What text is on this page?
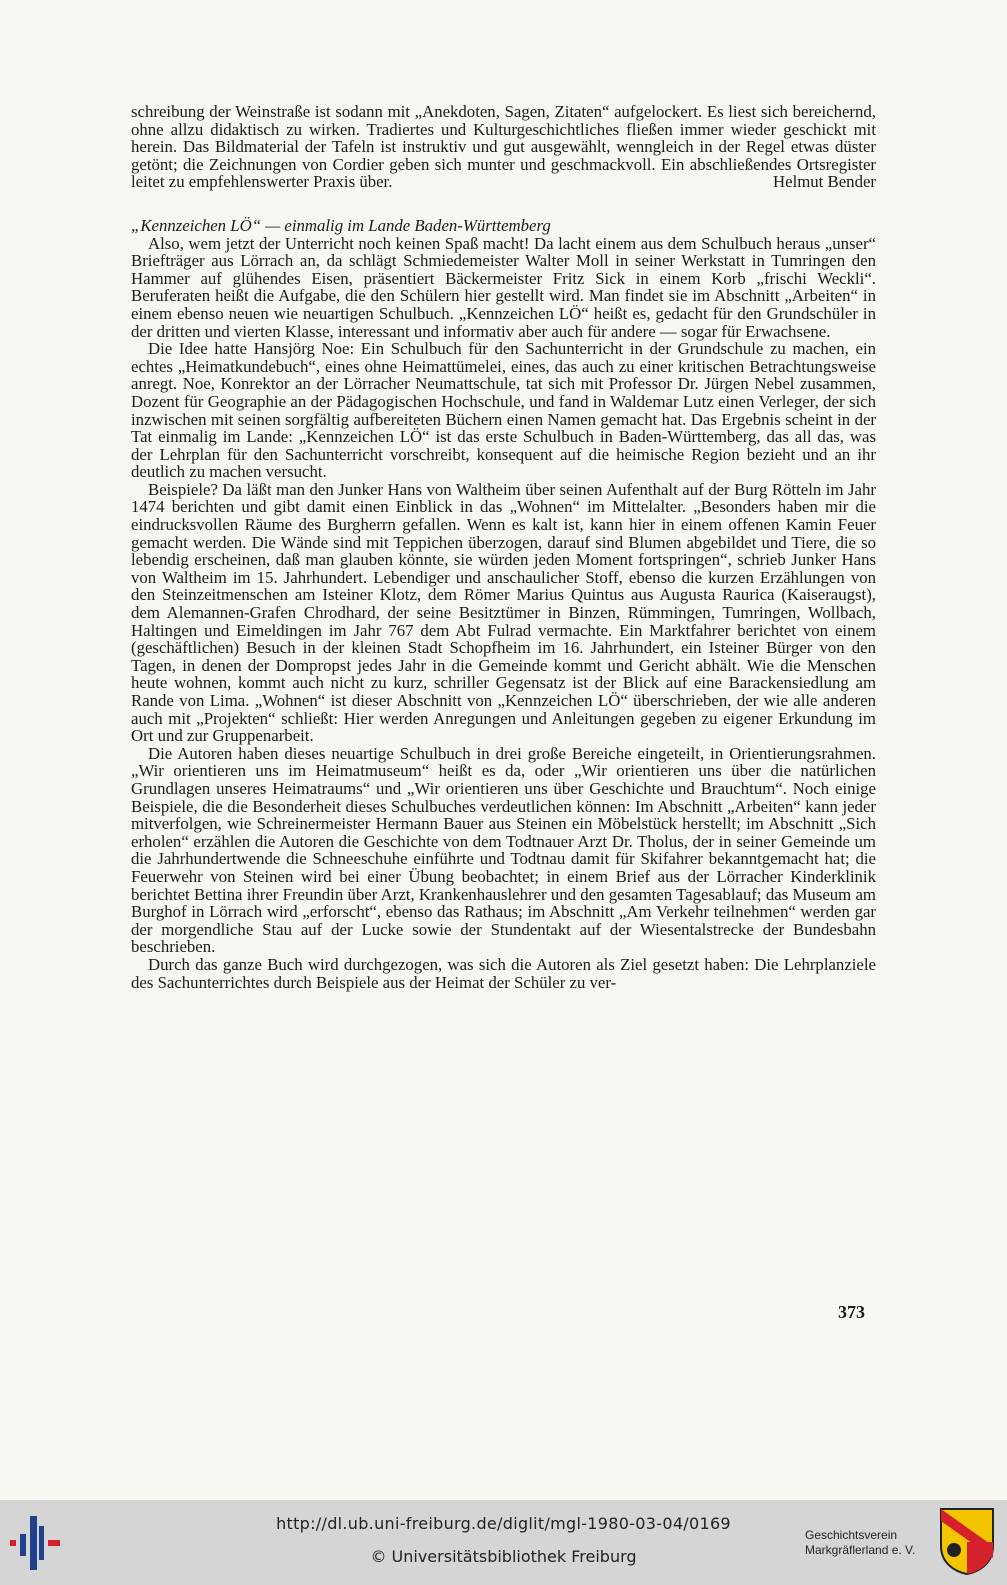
schreibung der Weinstraße ist sodann mit „Anekdoten, Sagen, Zitaten“ aufgelockert. Es liest sich bereichernd, ohne allzu didaktisch zu wirken. Tradiertes und Kulturgeschichtliches fließen immer wieder geschickt mit herein. Das Bildmaterial der Tafeln ist instruktiv und gut ausgewählt, wenngleich in der Regel etwas düster getönt; die Zeichnungen von Cordier geben sich munter und geschmackvoll. Ein abschließendes Ortsregister leitet zu empfehlenswerter Praxis über.	Helmut Bender

„Kennzeichen LÖ“ — einmalig im Lande Baden-Württemberg

Also, wem jetzt der Unterricht noch keinen Spaß macht! Da lacht einem aus dem Schulbuch heraus „unser“ Briefträger aus Lörrach an, da schlägt Schmiedemeister Walter Moll in seiner Werkstatt in Tumringen den Hammer auf glühendes Eisen, präsentiert Bäckermeister Fritz Sick in einem Korb „frischi Weckli“. Beruferaten heißt die Aufgabe, die den Schülern hier gestellt wird. Man findet sie im Abschnitt „Arbeiten“ in einem ebenso neuen wie neuartigen Schulbuch. „Kennzeichen LÖ“ heißt es, gedacht für den Grundschüler in der dritten und vierten Klasse, interessant und informativ aber auch für andere — sogar für Erwachsene.

Die Idee hatte Hansjörg Noe: Ein Schulbuch für den Sachunterricht in der Grundschule zu machen, ein echtes „Heimatkundebuch“, eines ohne Heimattümelei, eines, das auch zu einer kritischen Betrachtungsweise anregt. Noe, Konrektor an der Lörracher Neumattschule, tat sich mit Professor Dr. Jürgen Nebel zusammen, Dozent für Geographie an der Pädagogischen Hochschule, und fand in Waldemar Lutz einen Verleger, der sich inzwischen mit seinen sorgfältig aufbereiteten Büchern einen Namen gemacht hat. Das Ergebnis scheint in der Tat einmalig im Lande: „Kennzeichen LÖ“ ist das erste Schulbuch in Baden-Württemberg, das all das, was der Lehrplan für den Sachunterricht vorschreibt, konsequent auf die heimische Region bezieht und an ihr deutlich zu machen versucht.

Beispiele? Da läßt man den Junker Hans von Waltheim über seinen Aufenthalt auf der Burg Rötteln im Jahr 1474 berichten und gibt damit einen Einblick in das „Wohnen“ im Mittelalter. „Besonders haben mir die eindrucksvollen Räume des Burgherrn gefallen. Wenn es kalt ist, kann hier in einem offenen Kamin Feuer gemacht werden. Die Wände sind mit Teppichen überzogen, darauf sind Blumen abgebildet und Tiere, die so lebendig erscheinen, daß man glauben könnte, sie würden jeden Moment fortspringen“, schrieb Junker Hans von Waltheim im 15. Jahrhundert. Lebendiger und anschaulicher Stoff, ebenso die kurzen Erzählungen von den Steinzeitmenschen am Isteiner Klotz, dem Römer Marius Quintus aus Augusta Raurica (Kaiseraugst), dem Alemannen-Grafen Chrodhard, der seine Besitztümer in Binzen, Rümmingen, Tumringen, Wollbach, Haltingen und Eimeldingen im Jahr 767 dem Abt Fulrad vermachte. Ein Marktfahrer berichtet von einem (geschäftlichen) Besuch in der kleinen Stadt Schopfheim im 16. Jahrhundert, ein Isteiner Bürger von den Tagen, in denen der Dompropst jedes Jahr in die Gemeinde kommt und Gericht abhält. Wie die Menschen heute wohnen, kommt auch nicht zu kurz, schriller Gegensatz ist der Blick auf eine Barackensiedlung am Rande von Lima. „Wohnen“ ist dieser Abschnitt von „Kennzeichen LÖ“ überschrieben, der wie alle anderen auch mit „Projekten“ schließt: Hier werden Anregungen und Anleitungen gegeben zu eigener Erkundung im Ort und zur Gruppenarbeit.

Die Autoren haben dieses neuartige Schulbuch in drei große Bereiche eingeteilt, in Orientierungsrahmen. „Wir orientieren uns im Heimatmuseum“ heißt es da, oder „Wir orientieren uns über die natürlichen Grundlagen unseres Heimatraums“ und „Wir orientieren uns über Geschichte und Brauchtum“. Noch einige Beispiele, die die Besonderheit dieses Schulbuches verdeutlichen können: Im Abschnitt „Arbeiten“ kann jeder mitverfolgen, wie Schreinermeister Hermann Bauer aus Steinen ein Möbelstück herstellt; im Abschnitt „Sich erholen“ erzählen die Autoren die Geschichte von dem Todtnauer Arzt Dr. Tholus, der in seiner Gemeinde um die Jahrhundertwende die Schneeschuhe einführte und Todtnau damit für Skifahrer bekanntgemacht hat; die Feuerwehr von Steinen wird bei einer Übung beobachtet; in einem Brief aus der Lörracher Kinderklinik berichtet Bettina ihrer Freundin über Arzt, Krankenhauslehrer und den gesamten Tagesablauf; das Museum am Burghof in Lörrach wird „erforscht“, ebenso das Rathaus; im Abschnitt „Am Verkehr teilnehmen“ werden gar der morgendliche Stau auf der Lucke sowie der Stundentakt auf der Wiesentalstrecke der Bundesbahn beschrieben.

Durch das ganze Buch wird durchgezogen, was sich die Autoren als Ziel gesetzt haben: Die Lehrplanziele des Sachunterrichtes durch Beispiele aus der Heimat der Schüler zu ver-

373
http://dl.ub.uni-freiburg.de/diglit/mgl-1980-03-04/0169
© Universitätsbibliothek Freiburg
Geschichtsverein
Markgräflerland e. V.
